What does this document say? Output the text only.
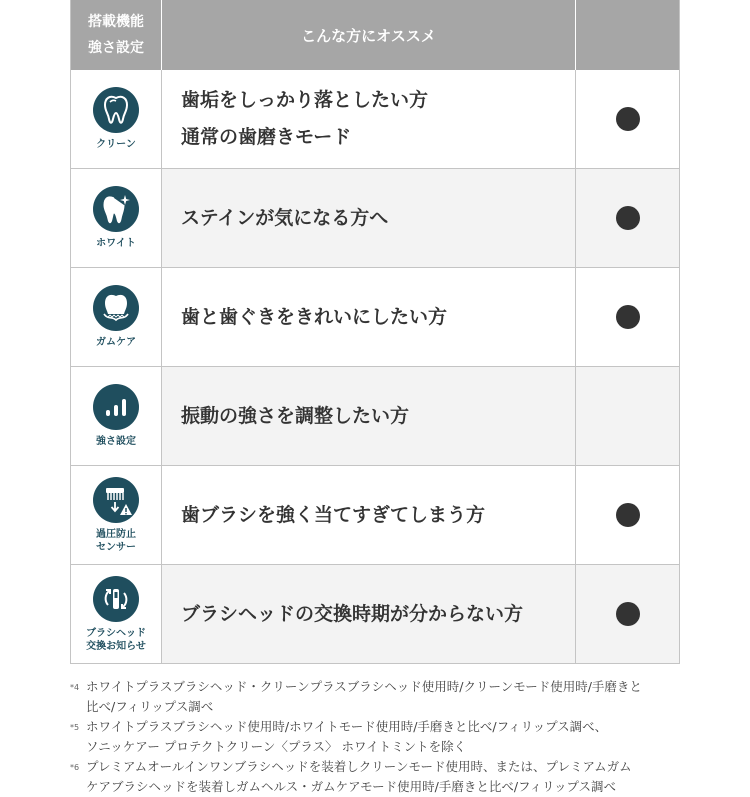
搭載機能
強さ設定
こんな方にオススメ
クリーン
歯垢をしっかり落としたい方
通常の歯磨きモード
ホワイト
ステインが気になる方へ
ガムケア
歯と歯ぐきをきれいにしたい方
強さ設定
振動の強さを調整したい方
過圧防止
センサー
歯ブラシを強く当てすぎてしまう方
ブラシヘッド
交換お知らせ
ブラシヘッドの交換時期が分からない方
*4 ホワイトプラスブラシヘッド・クリーンプラスブラシヘッド使用時/クリーンモード使用時/手磨きと
比べ/フィリップス調べ
*5 ホワイトプラスブラシヘッド使用時/ホワイトモード使用時/手磨きと比べ/フィリップス調べ、
ソニッケアー プロテクトクリーン〈プラス〉 ホワイトミントを除く
*6 プレミアムオールインワンブラシヘッドを装着しクリーンモード使用時、または、プレミアムガム
ケアブラシヘッドを装着しガムヘルス・ガムケアモード使用時/手磨きと比べ/フィリップス調べ
